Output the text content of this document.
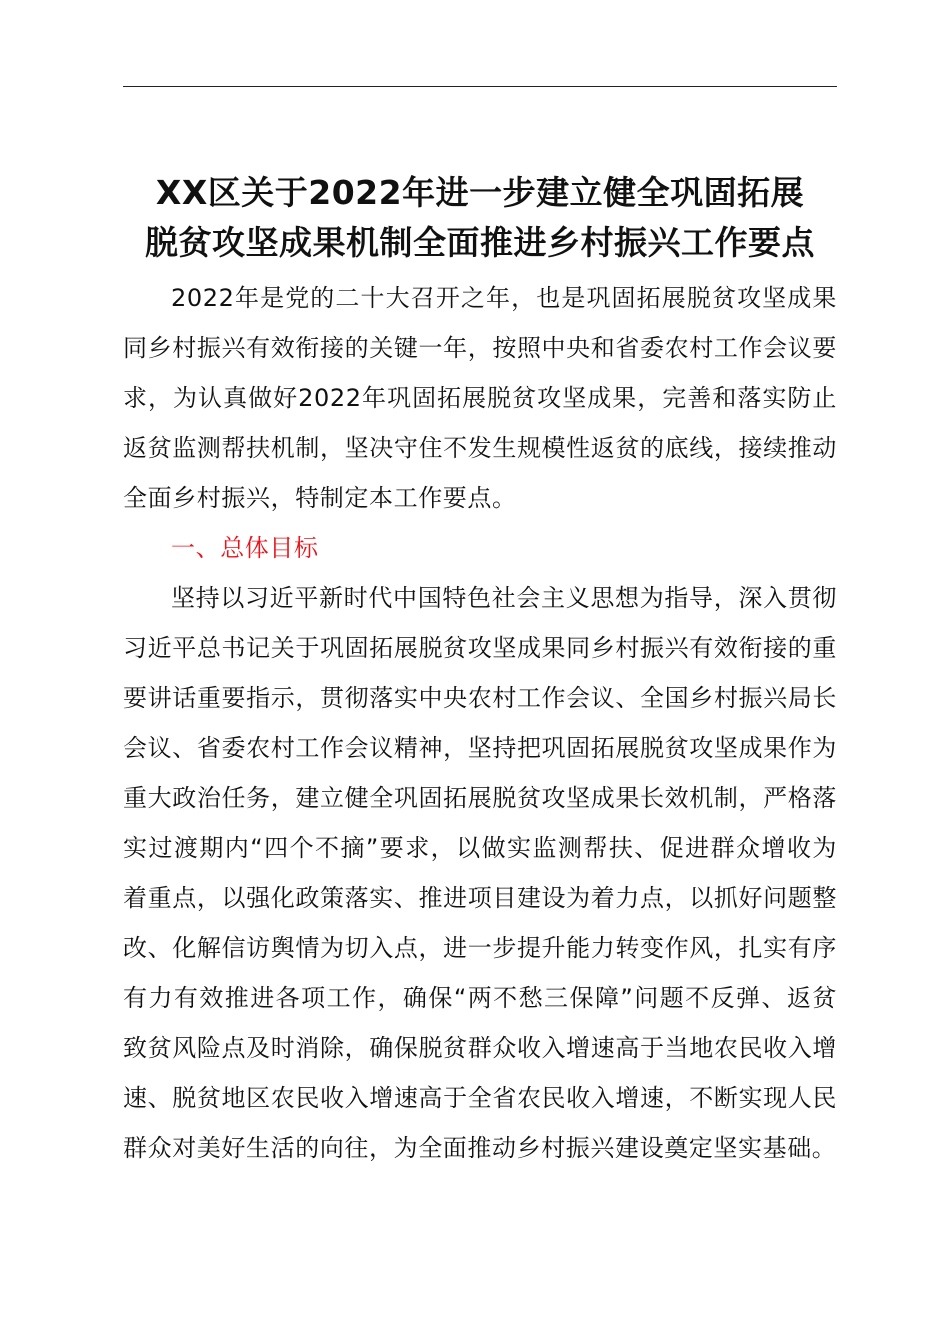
XX区关于2022年进一步建立健全巩固拓展
脱贫攻坚成果机制全面推进乡村振兴工作要点

2022年是党的二十大召开之年，也是巩固拓展脱贫攻坚成果同乡村振兴有效衔接的关键一年，按照中央和省委农村工作会议要求，为认真做好2022年巩固拓展脱贫攻坚成果，完善和落实防止返贫监测帮扶机制，坚决守住不发生规模性返贫的底线，接续推动全面乡村振兴，特制定本工作要点。

一、总体目标

坚持以习近平新时代中国特色社会主义思想为指导，深入贯彻习近平总书记关于巩固拓展脱贫攻坚成果同乡村振兴有效衔接的重要讲话重要指示，贯彻落实中央农村工作会议、全国乡村振兴局长会议、省委农村工作会议精神，坚持把巩固拓展脱贫攻坚成果作为重大政治任务，建立健全巩固拓展脱贫攻坚成果长效机制，严格落实过渡期内“四个不摘”要求，以做实监测帮扶、促进群众增收为着重点，以强化政策落实、推进项目建设为着力点，以抓好问题整改、化解信访舆情为切入点，进一步提升能力转变作风，扎实有序有力有效推进各项工作，确保“两不愁三保障”问题不反弹、返贫致贫风险点及时消除，确保脱贫群众收入增速高于当地农民收入增速、脱贫地区农民收入增速高于全省农民收入增速，不断实现人民群众对美好生活的向往，为全面推动乡村振兴建设奠定坚实基础。
